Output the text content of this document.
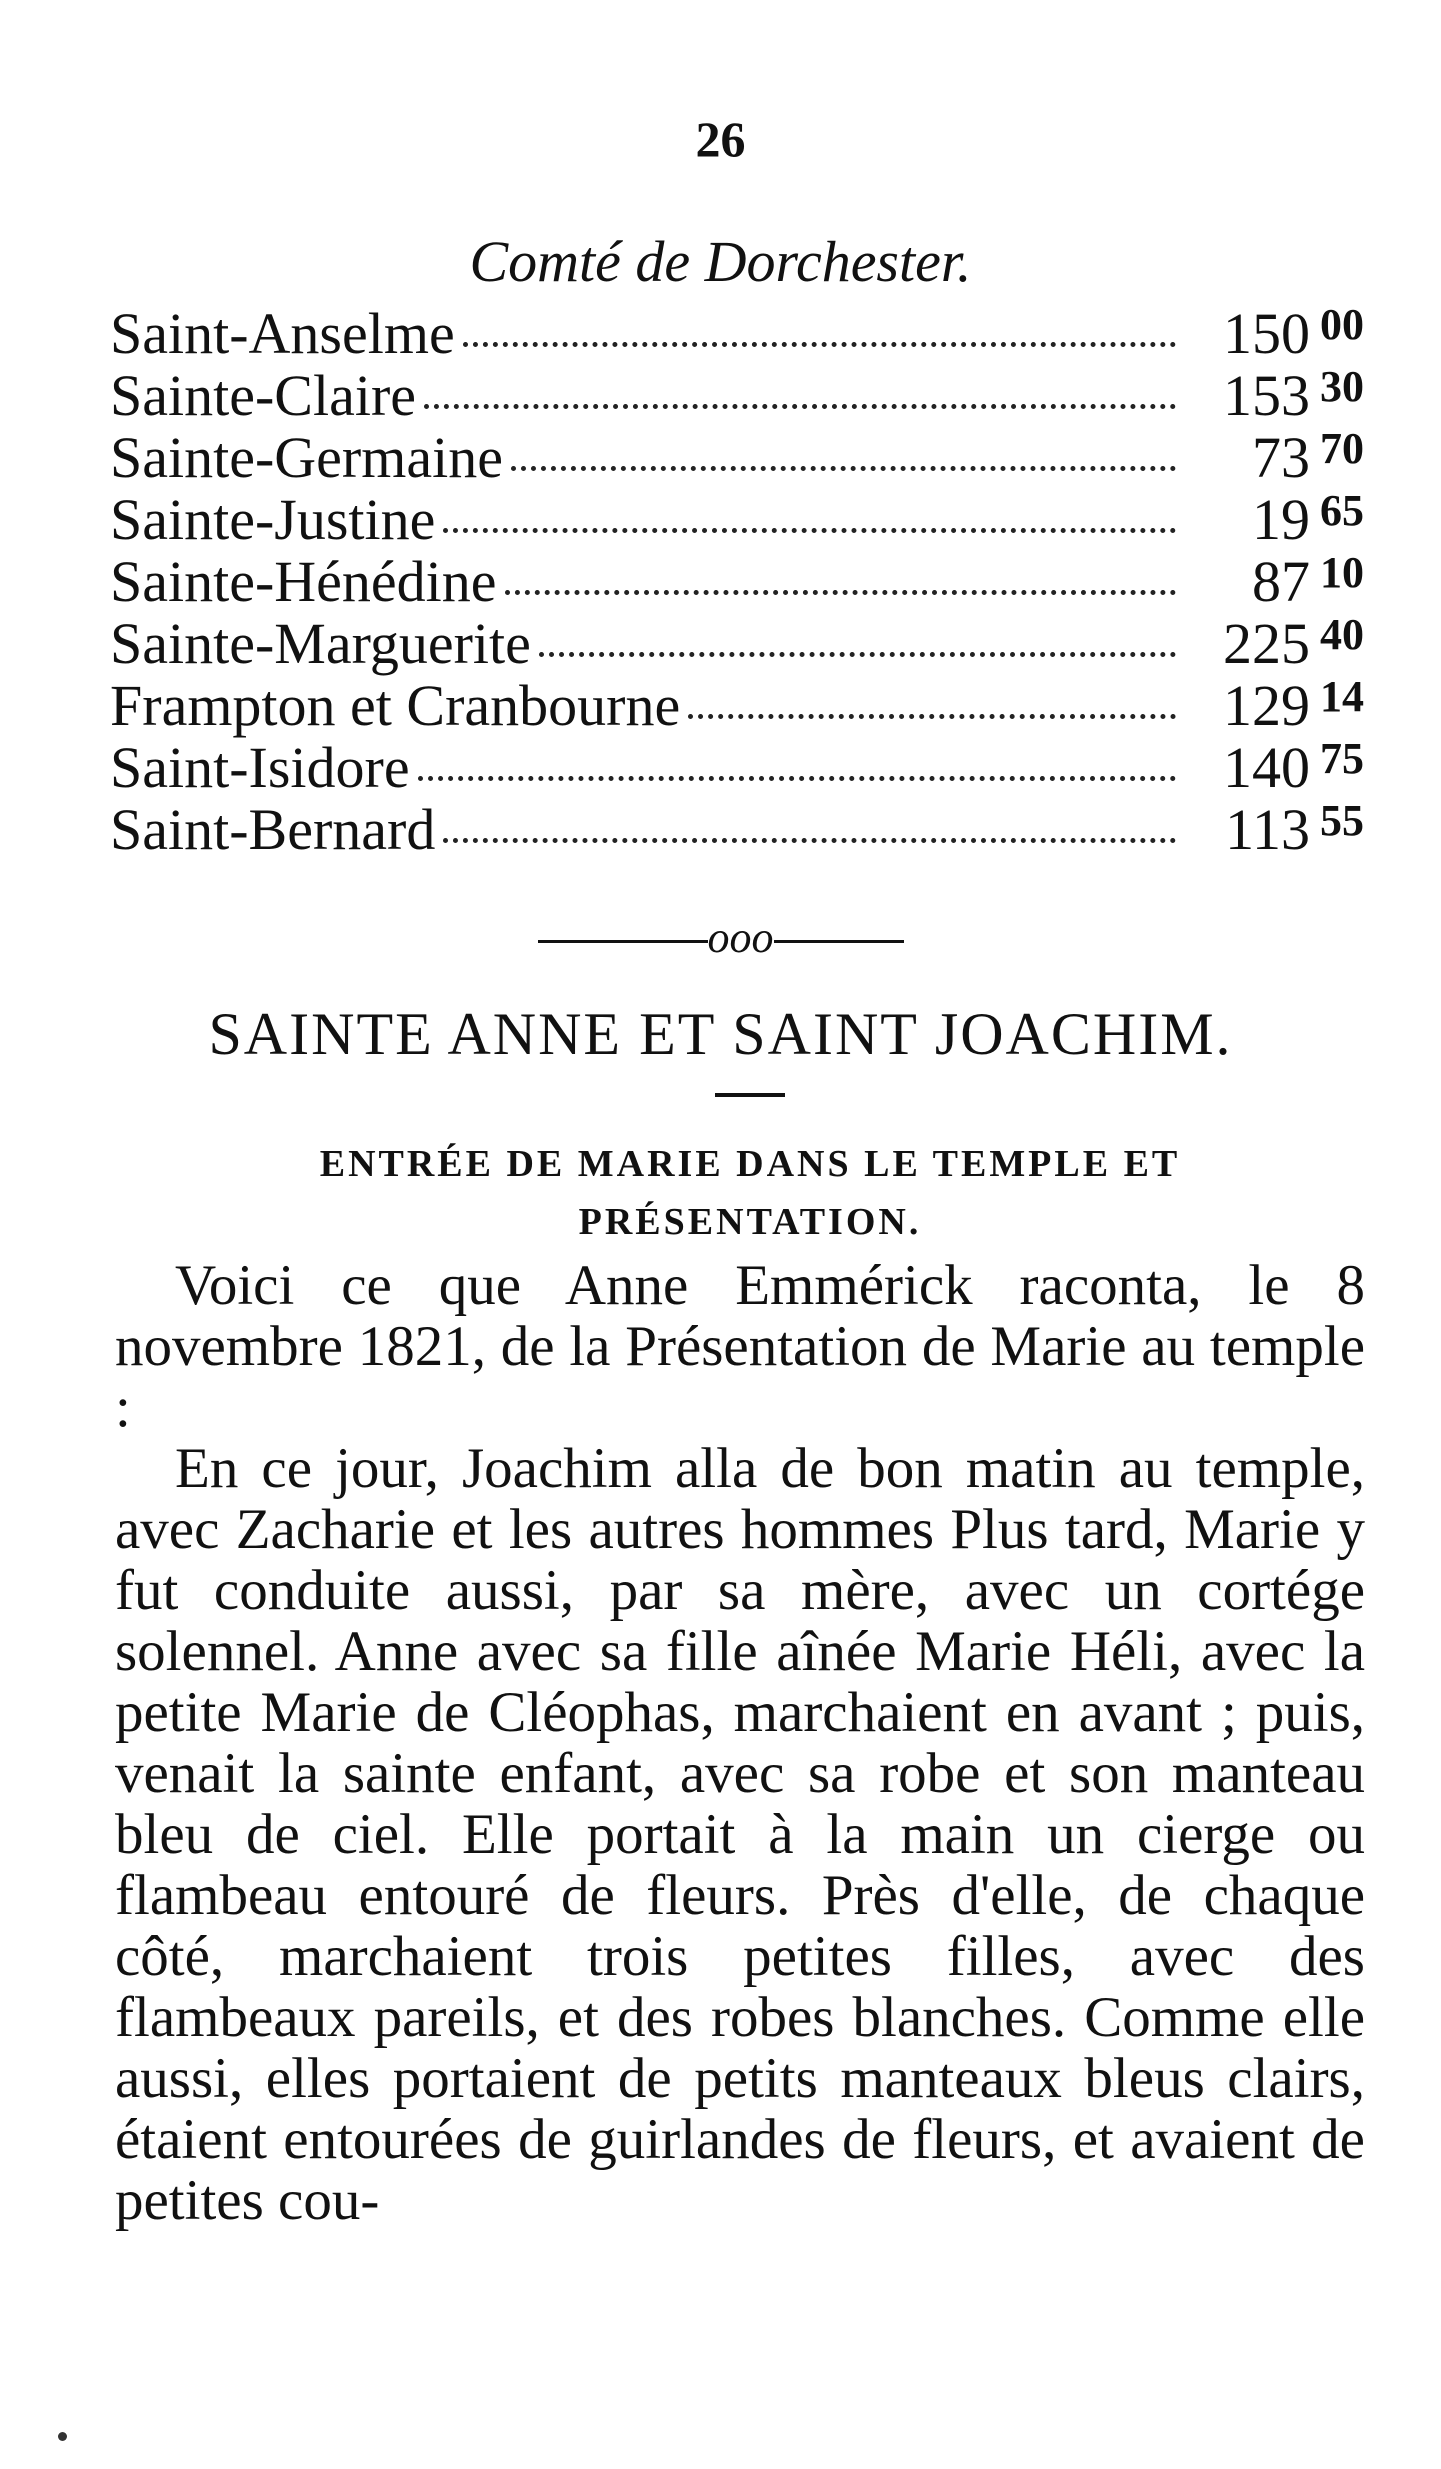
26
Comté de Dorchester.
Saint-Anselme	150 00
Sainte-Claire	153 30
Sainte-Germaine	73 70
Sainte-Justine	19 65
Sainte-Hénédine	87 10
Sainte-Marguerite	225 40
Frampton et Cranbourne	129 14
Saint-Isidore	140 75
Saint-Bernard	113 55
ooo
SAINTE ANNE ET SAINT JOACHIM.
ENTRÉE DE MARIE DANS LE TEMPLE ET PRÉSENTATION.

Voici ce que Anne Emmérick raconta, le 8 novembre 1821, de la Présentation de Marie au temple :

En ce jour, Joachim alla de bon matin au temple, avec Zacharie et les autres hommes Plus tard, Marie y fut conduite aussi, par sa mère, avec un cortége solennel. Anne avec sa fille aînée Marie Héli, avec la petite Marie de Cléophas, marchaient en avant ; puis, venait la sainte enfant, avec sa robe et son manteau bleu de ciel. Elle portait à la main un cierge ou flambeau entouré de fleurs. Près d'elle, de chaque côté, marchaient trois petites filles, avec des flambeaux pareils, et des robes blanches. Comme elle aussi, elles portaient de petits manteaux bleus clairs, étaient entourées de guirlandes de fleurs, et avaient de petites cou-
